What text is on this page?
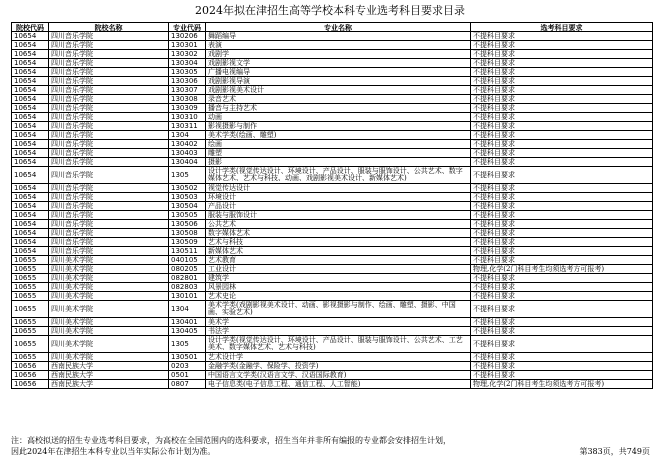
2024年拟在津招生高等学校本科专业选考科目要求目录
院校代码	院校名称	专业代码	专业名称	选考科目要求
10654	四川音乐学院	130206	舞蹈编导	不提科目要求
10654	四川音乐学院	130301	表演	不提科目要求
10654	四川音乐学院	130302	戏剧学	不提科目要求
10654	四川音乐学院	130304	戏剧影视文学	不提科目要求
10654	四川音乐学院	130305	广播电视编导	不提科目要求
10654	四川音乐学院	130306	戏剧影视导演	不提科目要求
10654	四川音乐学院	130307	戏剧影视美术设计	不提科目要求
10654	四川音乐学院	130308	录音艺术	不提科目要求
10654	四川音乐学院	130309	播音与主持艺术	不提科目要求
10654	四川音乐学院	130310	动画	不提科目要求
10654	四川音乐学院	130311	影视摄影与制作	不提科目要求
10654	四川音乐学院	1304	美术学类(绘画、雕塑)	不提科目要求
10654	四川音乐学院	130402	绘画	不提科目要求
10654	四川音乐学院	130403	雕塑	不提科目要求
10654	四川音乐学院	130404	摄影	不提科目要求
10654	四川音乐学院	1305	设计学类(视觉传达设计、环境设计、产品设计、服装与服饰设计、公共艺术、数字媒体艺术、艺术与科技、动画、戏剧影视美术设计、新媒体艺术)	不提科目要求
10654	四川音乐学院	130502	视觉传达设计	不提科目要求
10654	四川音乐学院	130503	环境设计	不提科目要求
10654	四川音乐学院	130504	产品设计	不提科目要求
10654	四川音乐学院	130505	服装与服饰设计	不提科目要求
10654	四川音乐学院	130506	公共艺术	不提科目要求
10654	四川音乐学院	130508	数字媒体艺术	不提科目要求
10654	四川音乐学院	130509	艺术与科技	不提科目要求
10654	四川音乐学院	130511	新媒体艺术	不提科目要求
10655	四川美术学院	040105	艺术教育	不提科目要求
10655	四川美术学院	080205	工业设计	物理,化学(2门科目考生均须选考方可报考)
10655	四川美术学院	082801	建筑学	不提科目要求
10655	四川美术学院	082803	风景园林	不提科目要求
10655	四川美术学院	130101	艺术史论	不提科目要求
10655	四川美术学院	1304	美术学类(戏剧影视美术设计、动画、影视摄影与制作、绘画、雕塑、摄影、中国画、实验艺术)	不提科目要求
10655	四川美术学院	130401	美术学	不提科目要求
10655	四川美术学院	130405	书法学	不提科目要求
10655	四川美术学院	1305	设计学类(视觉传达设计、环境设计、产品设计、服装与服饰设计、公共艺术、工艺美术、数字媒体艺术、艺术与科技)	不提科目要求
10655	四川美术学院	130501	艺术设计学	不提科目要求
10656	西南民族大学	0203	金融学类(金融学、保险学、投资学)	不提科目要求
10656	西南民族大学	0501	中国语言文学类(汉语言文学、汉语国际教育)	不提科目要求
10656	西南民族大学	0807	电子信息类(电子信息工程、通信工程、人工智能)	物理,化学(2门科目考生均须选考方可报考)
注：高校拟送的招生专业选考科目要求，为高校在全国范围内的选科要求，招生当年并非所有编报的专业都会安排招生计划，
因此2024年在津招生本科专业以当年实际公布计划为准。	第383页，共749页
